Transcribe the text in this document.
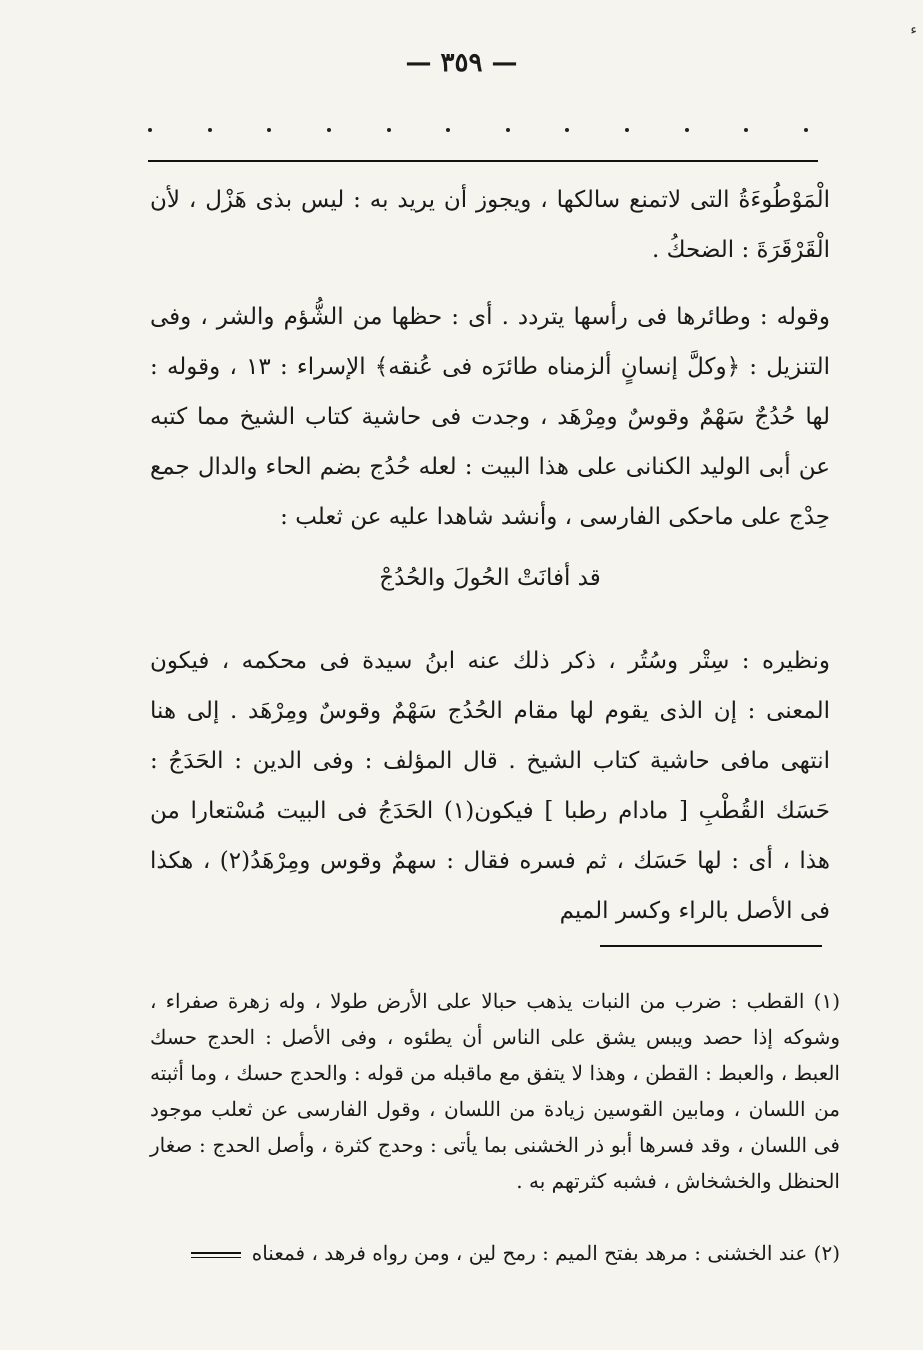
ء
— ٣٥٩ —

الْمَوْطُوءَةُ التى لاتمنع سالكها ، ويجوز أن يريد به : ليس بذى هَزْل ، لأن الْقَرْقَرَةَ : الضحكُ .

وقوله : وطائرها فى رأسها يتردد . أى : حظها من الشُّؤم والشر ، وفى التنزيل : ﴿وكلَّ إنسانٍ ألزمناه طائرَه فى عُنقه﴾ الإسراء : ١٣ ، وقوله : لها حُدُجٌ سَهْمٌ وقوسٌ ومِرْهَد ، وجدت فى حاشية كتاب الشيخ مما كتبه عن أبى الوليد الكنانى على هذا البيت : لعله حُدُج بضم الحاء والدال جمع حِدْج على ماحكى الفارسى ، وأنشد شاهدا عليه عن ثعلب :

قد أفانَتْ الحُولَ والحُدُجْ

ونظيره : سِتْر وسُتُر ، ذكر ذلك عنه ابنُ سيدة فى محكمه ، فيكون المعنى : إن الذى يقوم لها مقام الحُدُج سَهْمٌ وقوسٌ ومِرْهَد . إلى هنا انتهى مافى حاشية كتاب الشيخ . قال المؤلف : وفى الدين : الحَدَجُ : حَسَك القُطْبِ [ مادام رطبا ] فيكون(١) الحَدَجُ فى البيت مُسْتعارا من هذا ، أى : لها حَسَك ، ثم فسره فقال : سهمٌ وقوس ومِرْهَدُ(٢) ، هكذا فى الأصل بالراء وكسر الميم

(١) القطب : ضرب من النبات يذهب حبالا على الأرض طولا ، وله زهرة صفراء ، وشوكه إذا حصد ويبس يشق على الناس أن يطئوه ، وفى الأصل : الحدج حسك العبط ، والعبط : القطن ، وهذا لا يتفق مع ماقبله من قوله : والحدج حسك ، وما أثبته من اللسان ، ومابين القوسين زيادة من اللسان ، وقول الفارسى عن ثعلب موجود فى اللسان ، وقد فسرها أبو ذر الخشنى بما يأتى : وحدج كثرة ، وأصل الحدج : صغار الحنظل والخشخاش ، فشبه كثرتهم به .

(٢) عند الخشنى : مرهد بفتح الميم : رمح لين ، ومن رواه فرهد ، فمعناه
